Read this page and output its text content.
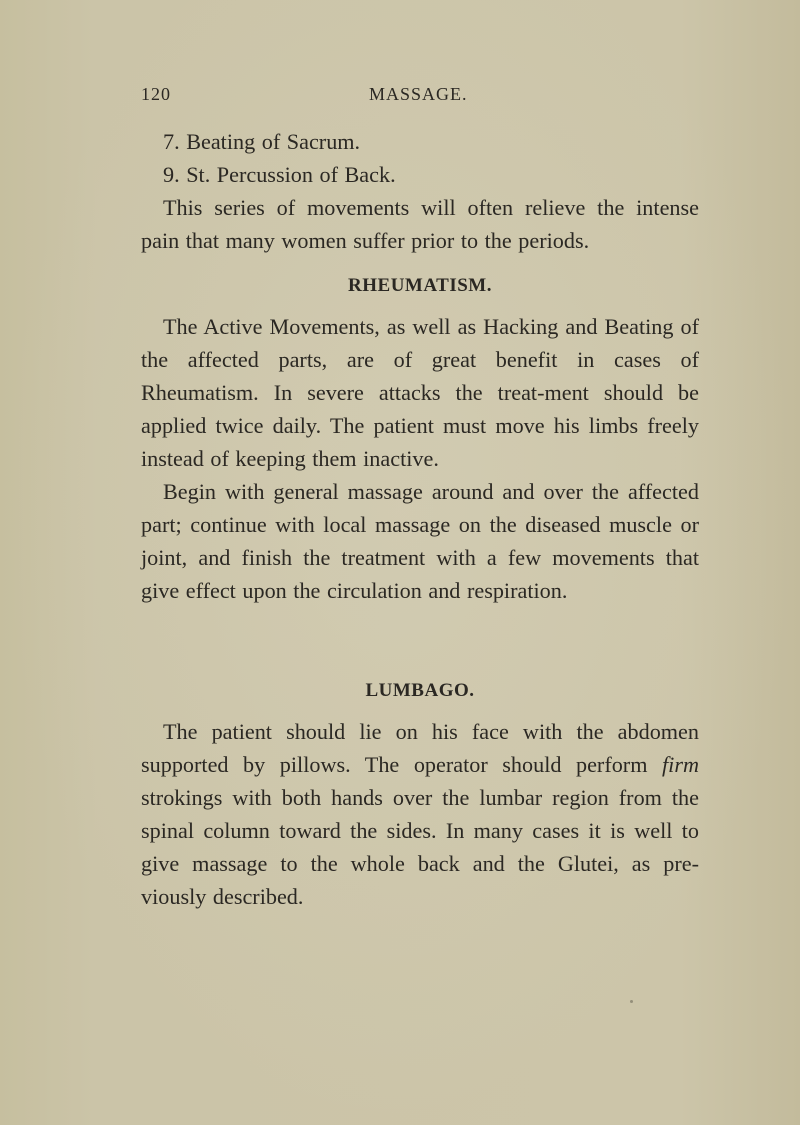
120	MASSAGE.

7. Beating of Sacrum.

9. St. Percussion of Back.

This series of movements will often relieve the intense pain that many women suffer prior to the periods.

RHEUMATISM.

The Active Movements, as well as Hacking and Beating of the affected parts, are of great benefit in cases of Rheumatism. In severe attacks the treat-ment should be applied twice daily. The patient must move his limbs freely instead of keeping them inactive.

Begin with general massage around and over the affected part; continue with local massage on the diseased muscle or joint, and finish the treatment with a few movements that give effect upon the circulation and respiration.

LUMBAGO.

The patient should lie on his face with the abdomen supported by pillows. The operator should perform firm strokings with both hands over the lumbar region from the spinal column toward the sides. In many cases it is well to give massage to the whole back and the Glutei, as pre-viously described.
